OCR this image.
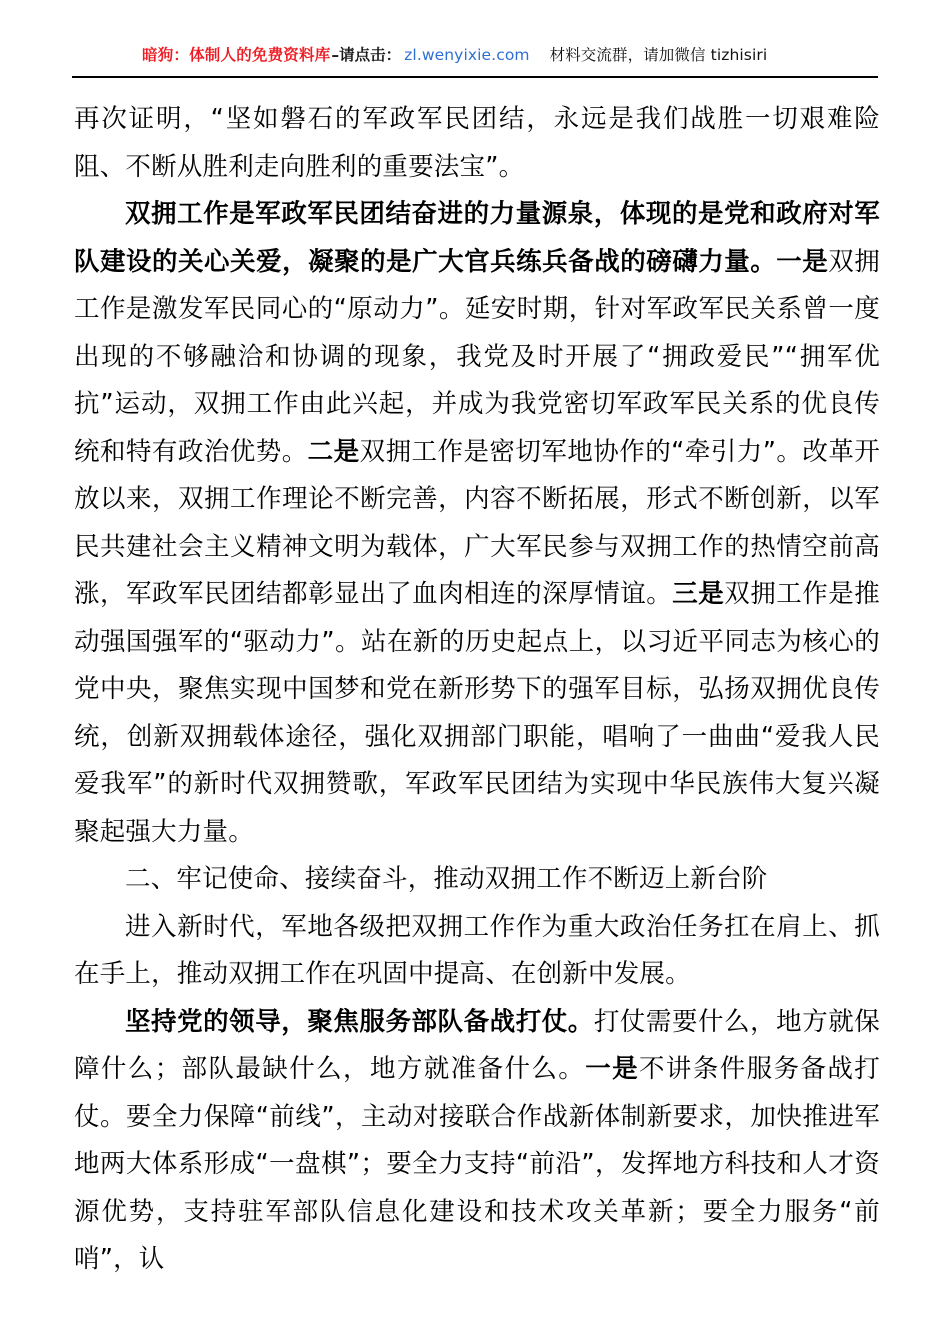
暗狗：体制人的免费资料库 –请点击： zl.wenyixie.com 材料交流群，请加微信 tizhisiri

再次证明，“坚如磐石的军政军民团结，永远是我们战胜一切艰难险阻、不断从胜利走向胜利的重要法宝”。

双拥工作是军政军民团结奋进的力量源泉，体现的是党和政府对军队建设的关心关爱，凝聚的是广大官兵练兵备战的磅礴力量。一是双拥工作是激发军民同心的“原动力”。延安时期，针对军政军民关系曾一度出现的不够融洽和协调的现象，我党及时开展了“拥政爱民”“拥军优抗”运动，双拥工作由此兴起，并成为我党密切军政军民关系的优良传统和特有政治优势。二是双拥工作是密切军地协作的“牵引力”。改革开放以来，双拥工作理论不断完善，内容不断拓展，形式不断创新，以军民共建社会主义精神文明为载体，广大军民参与双拥工作的热情空前高涨，军政军民团结都彰显出了血肉相连的深厚情谊。三是双拥工作是推动强国强军的“驱动力”。站在新的历史起点上，以习近平同志为核心的党中央，聚焦实现中国梦和党在新形势下的强军目标，弘扬双拥优良传统，创新双拥载体途径，强化双拥部门职能，唱响了一曲曲“爱我人民爱我军”的新时代双拥赞歌，军政军民团结为实现中华民族伟大复兴凝聚起强大力量。

二、牢记使命、接续奋斗，推动双拥工作不断迈上新台阶

进入新时代，军地各级把双拥工作作为重大政治任务扛在肩上、抓在手上，推动双拥工作在巩固中提高、在创新中发展。

坚持党的领导，聚焦服务部队备战打仗。打仗需要什么，地方就保障什么；部队最缺什么，地方就准备什么。一是不讲条件服务备战打仗。要全力保障“前线”，主动对接联合作战新体制新要求，加快推进军地两大体系形成“一盘棋”；要全力支持“前沿”，发挥地方科技和人才资源优势，支持驻军部队信息化建设和技术攻关革新；要全力服务“前哨”，认
